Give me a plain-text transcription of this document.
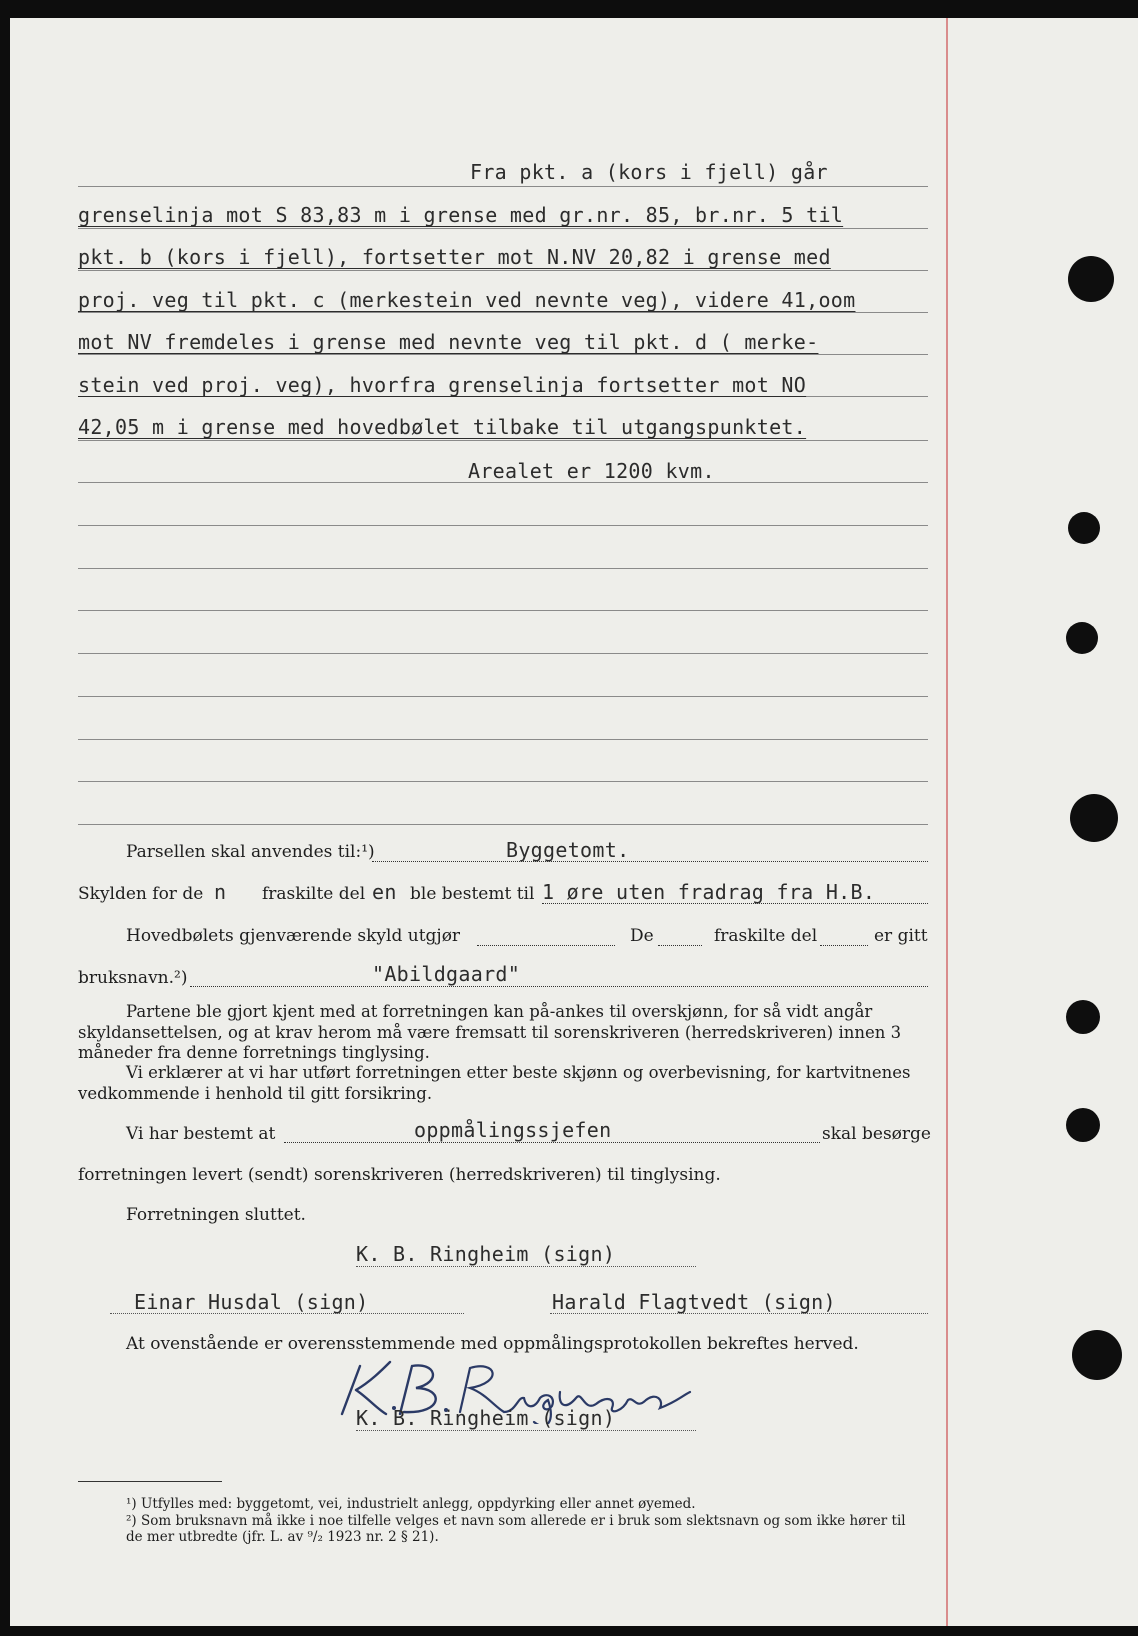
Fra pkt. a (kors i fjell) går
grenselinja mot S 83,83 m i grense med gr.nr. 85, br.nr. 5 til
pkt. b (kors i fjell), fortsetter mot N.NV 20,82 i grense med
proj. veg til pkt. c (merkestein ved nevnte veg), videre 41,oom
mot NV fremdeles i grense med nevnte veg til pkt. d ( merke-
stein ved proj. veg), hvorfra grenselinja fortsetter mot NO
42,05 m i grense med hovedbølet tilbake til utgangspunktet.
Arealet er 1200 kvm.
Parsellen skal anvendes til:¹)	Byggetomt.
Skylden for de n fraskilte del en ble bestemt til 1 øre uten fradrag fra H.B.
Hovedbølets gjenværende skyld utgjør	De	fraskilte del	er gitt
bruksnavn.²)	"Abildgaard"
Partene ble gjort kjent med at forretningen kan på-ankes til overskjønn, for så vidt angår skyldansettelsen, og at krav herom må være fremsatt til sorenskriveren (herredskriveren) innen 3 måneder fra denne forretnings tinglysing.
Vi erklærer at vi har utført forretningen etter beste skjønn og overbevisning, for kartvitnenes vedkommende i henhold til gitt forsikring.
Vi har bestemt at	oppmålingssjefen	skal besørge
forretningen levert (sendt) sorenskriveren (herredskriveren) til tinglysing.
Forretningen sluttet.
K. B. Ringheim (sign)
Einar Husdal (sign)	Harald Flagtvedt (sign)
At ovenstående er overensstemmende med oppmålingsprotokollen bekreftes herved.
K. B. Ringheim (sign)
¹) Utfylles med: byggetomt, vei, industrielt anlegg, oppdyrking eller annet øyemed.
²) Som bruksnavn må ikke i noe tilfelle velges et navn som allerede er i bruk som slektsnavn og som ikke hører til de mer utbredte (jfr. L. av ⁹/₂ 1923 nr. 2 § 21).
